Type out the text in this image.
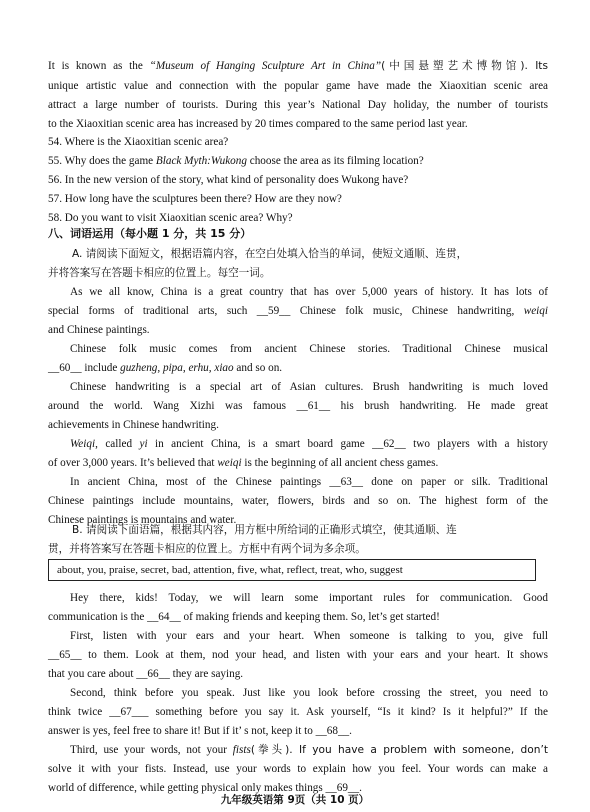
It is known as the “Museum of Hanging Sculpture Art in China”(中国悬塑艺术博物馆). Its
unique artistic value and connection with the popular game have made the Xiaoxitian scenic area
attract a large number of tourists. During this year’s National Day holiday, the number of tourists
to the Xiaoxitian scenic area has increased by 20 times compared to the same period last year.
54. Where is the Xiaoxitian scenic area?
55. Why does the game Black Myth:Wukong choose the area as its filming location?
56. In the new version of the story, what kind of personality does Wukong have?
57. How long have the sculptures been there? How are they now?
58. Do you want to visit Xiaoxitian scenic area? Why?
八、词语运用（每小题 1 分，共 15 分）
A. 请阅读下面短文，根据语篇内容，在空白处填入恰当的单词，使短文通顺、连贯，
并将答案写在答题卡相应的位置上。每空一词。
As we all know, China is a great country that has over 5,000 years of history. It has lots of
special forms of traditional arts, such __59__ Chinese folk music, Chinese handwriting, weiqi
and Chinese paintings.
Chinese folk music comes from ancient Chinese stories. Traditional Chinese musical
__60__ include guzheng, pipa, erhu, xiao and so on.
Chinese handwriting is a special art of Asian cultures. Brush handwriting is much loved
around the world. Wang Xizhi was famous __61__ his brush handwriting. He made great
achievements in Chinese handwriting.
Weiqi, called yi in ancient China, is a smart board game __62__ two players with a history
of over 3,000 years. It’s believed that weiqi is the beginning of all ancient chess games.
In ancient China, most of the Chinese paintings __63__ done on paper or silk. Traditional
Chinese paintings include mountains, water, flowers, birds and so on. The highest form of the
Chinese paintings is mountains and water.
B. 请阅读下面语篇，根据其内容，用方框中所给词的正确形式填空，使其通顺、连
贯，并将答案写在答题卡相应的位置上。方框中有两个词为多余项。
about, you, praise, secret, bad, attention, five, what, reflect, treat, who, suggest
Hey there, kids! Today, we will learn some important rules for communication. Good
communication is the __64__ of making friends and keeping them. So, let’s get started!
First, listen with your ears and your heart. When someone is talking to you, give full
__65__ to them. Look at them, nod your head, and listen with your ears and your heart. It shows
that you care about __66__ they are saying.
Second, think before you speak. Just like you look before crossing the street, you need to
think twice __67___ something before you say it. Ask yourself, “Is it kind? Is it helpful?” If the
answer is yes, feel free to share it! But if it’ s not, keep it to __68__.
Third, use your words, not your fists(拳头). If you have a problem with someone, don’t
solve it with your fists. Instead, use your words to explain how you feel. Your words can make a
world of difference, while getting physical only makes things __69__.
九年级英语第 9页（共 10 页）
